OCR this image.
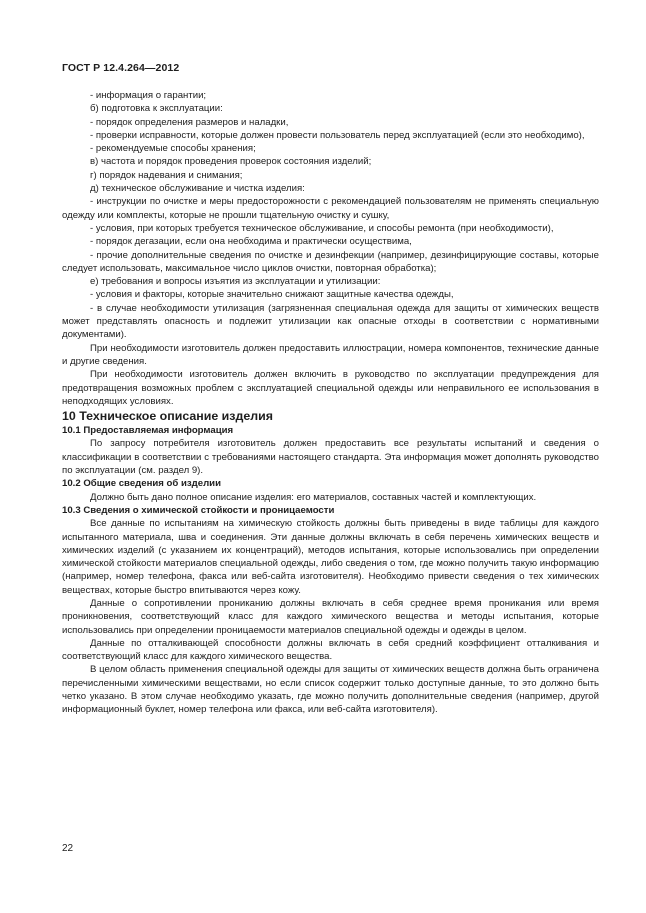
ГОСТ Р 12.4.264—2012

- информация о гарантии;

б) подготовка к эксплуатации:

- порядок определения размеров и наладки,

- проверки исправности, которые должен провести пользователь перед эксплуатацией (если это необходимо),

- рекомендуемые способы хранения;

в) частота и порядок проведения проверок состояния изделий;

г) порядок надевания и снимания;

д) техническое обслуживание и чистка изделия:

- инструкции по очистке и меры предосторожности с рекомендацией пользователям не применять специальную одежду или комплекты, которые не прошли тщательную очистку и сушку,

- условия, при которых требуется техническое обслуживание, и способы ремонта (при необходимости),

- порядок дегазации, если она необходима и практически осуществима,

- прочие дополнительные сведения по очистке и дезинфекции (например, дезинфицирующие составы, которые следует использовать, максимальное число циклов очистки, повторная обработка);

е) требования и вопросы изъятия из эксплуатации и утилизации:

- условия и факторы, которые значительно снижают защитные качества одежды,

- в случае необходимости утилизация (загрязненная специальная одежда для защиты от химических веществ может представлять опасность и подлежит утилизации как опасные отходы в соответствии с нормативными документами).

При необходимости изготовитель должен предоставить иллюстрации, номера компонентов, технические данные и другие сведения.

При необходимости изготовитель должен включить в руководство по эксплуатации предупреждения для предотвращения возможных проблем с эксплуатацией специальной одежды или неправильного ее использования в неподходящих условиях.

10 Техническое описание изделия

10.1 Предоставляемая информация

По запросу потребителя изготовитель должен предоставить все результаты испытаний и сведения о классификации в соответствии с требованиями настоящего стандарта. Эта информация может дополнять руководство по эксплуатации (см. раздел 9).

10.2 Общие сведения об изделии

Должно быть дано полное описание изделия: его материалов, составных частей и комплектующих.

10.3 Сведения о химической стойкости и проницаемости

Все данные по испытаниям на химическую стойкость должны быть приведены в виде таблицы для каждого испытанного материала, шва и соединения. Эти данные должны включать в себя перечень химических веществ и химических изделий (с указанием их концентраций), методов испытания, которые использовались при определении химической стойкости материалов специальной одежды, либо сведения о том, где можно получить такую информацию (например, номер телефона, факса или веб-сайта изготовителя). Необходимо привести сведения о тех химических веществах, которые быстро впитываются через кожу.

Данные о сопротивлении прониканию должны включать в себя среднее время проникания или время проникновения, соответствующий класс для каждого химического вещества и методы испытания, которые использовались при определении проницаемости материалов специальной одежды и одежды в целом.

Данные по отталкивающей способности должны включать в себя средний коэффициент отталкивания и соответствующий класс для каждого химического вещества.

В целом область применения специальной одежды для защиты от химических веществ должна быть ограничена перечисленными химическими веществами, но если список содержит только доступные данные, то это должно быть четко указано. В этом случае необходимо указать, где можно получить дополнительные сведения (например, другой информационный буклет, номер телефона или факса, или веб-сайта изготовителя).

22
